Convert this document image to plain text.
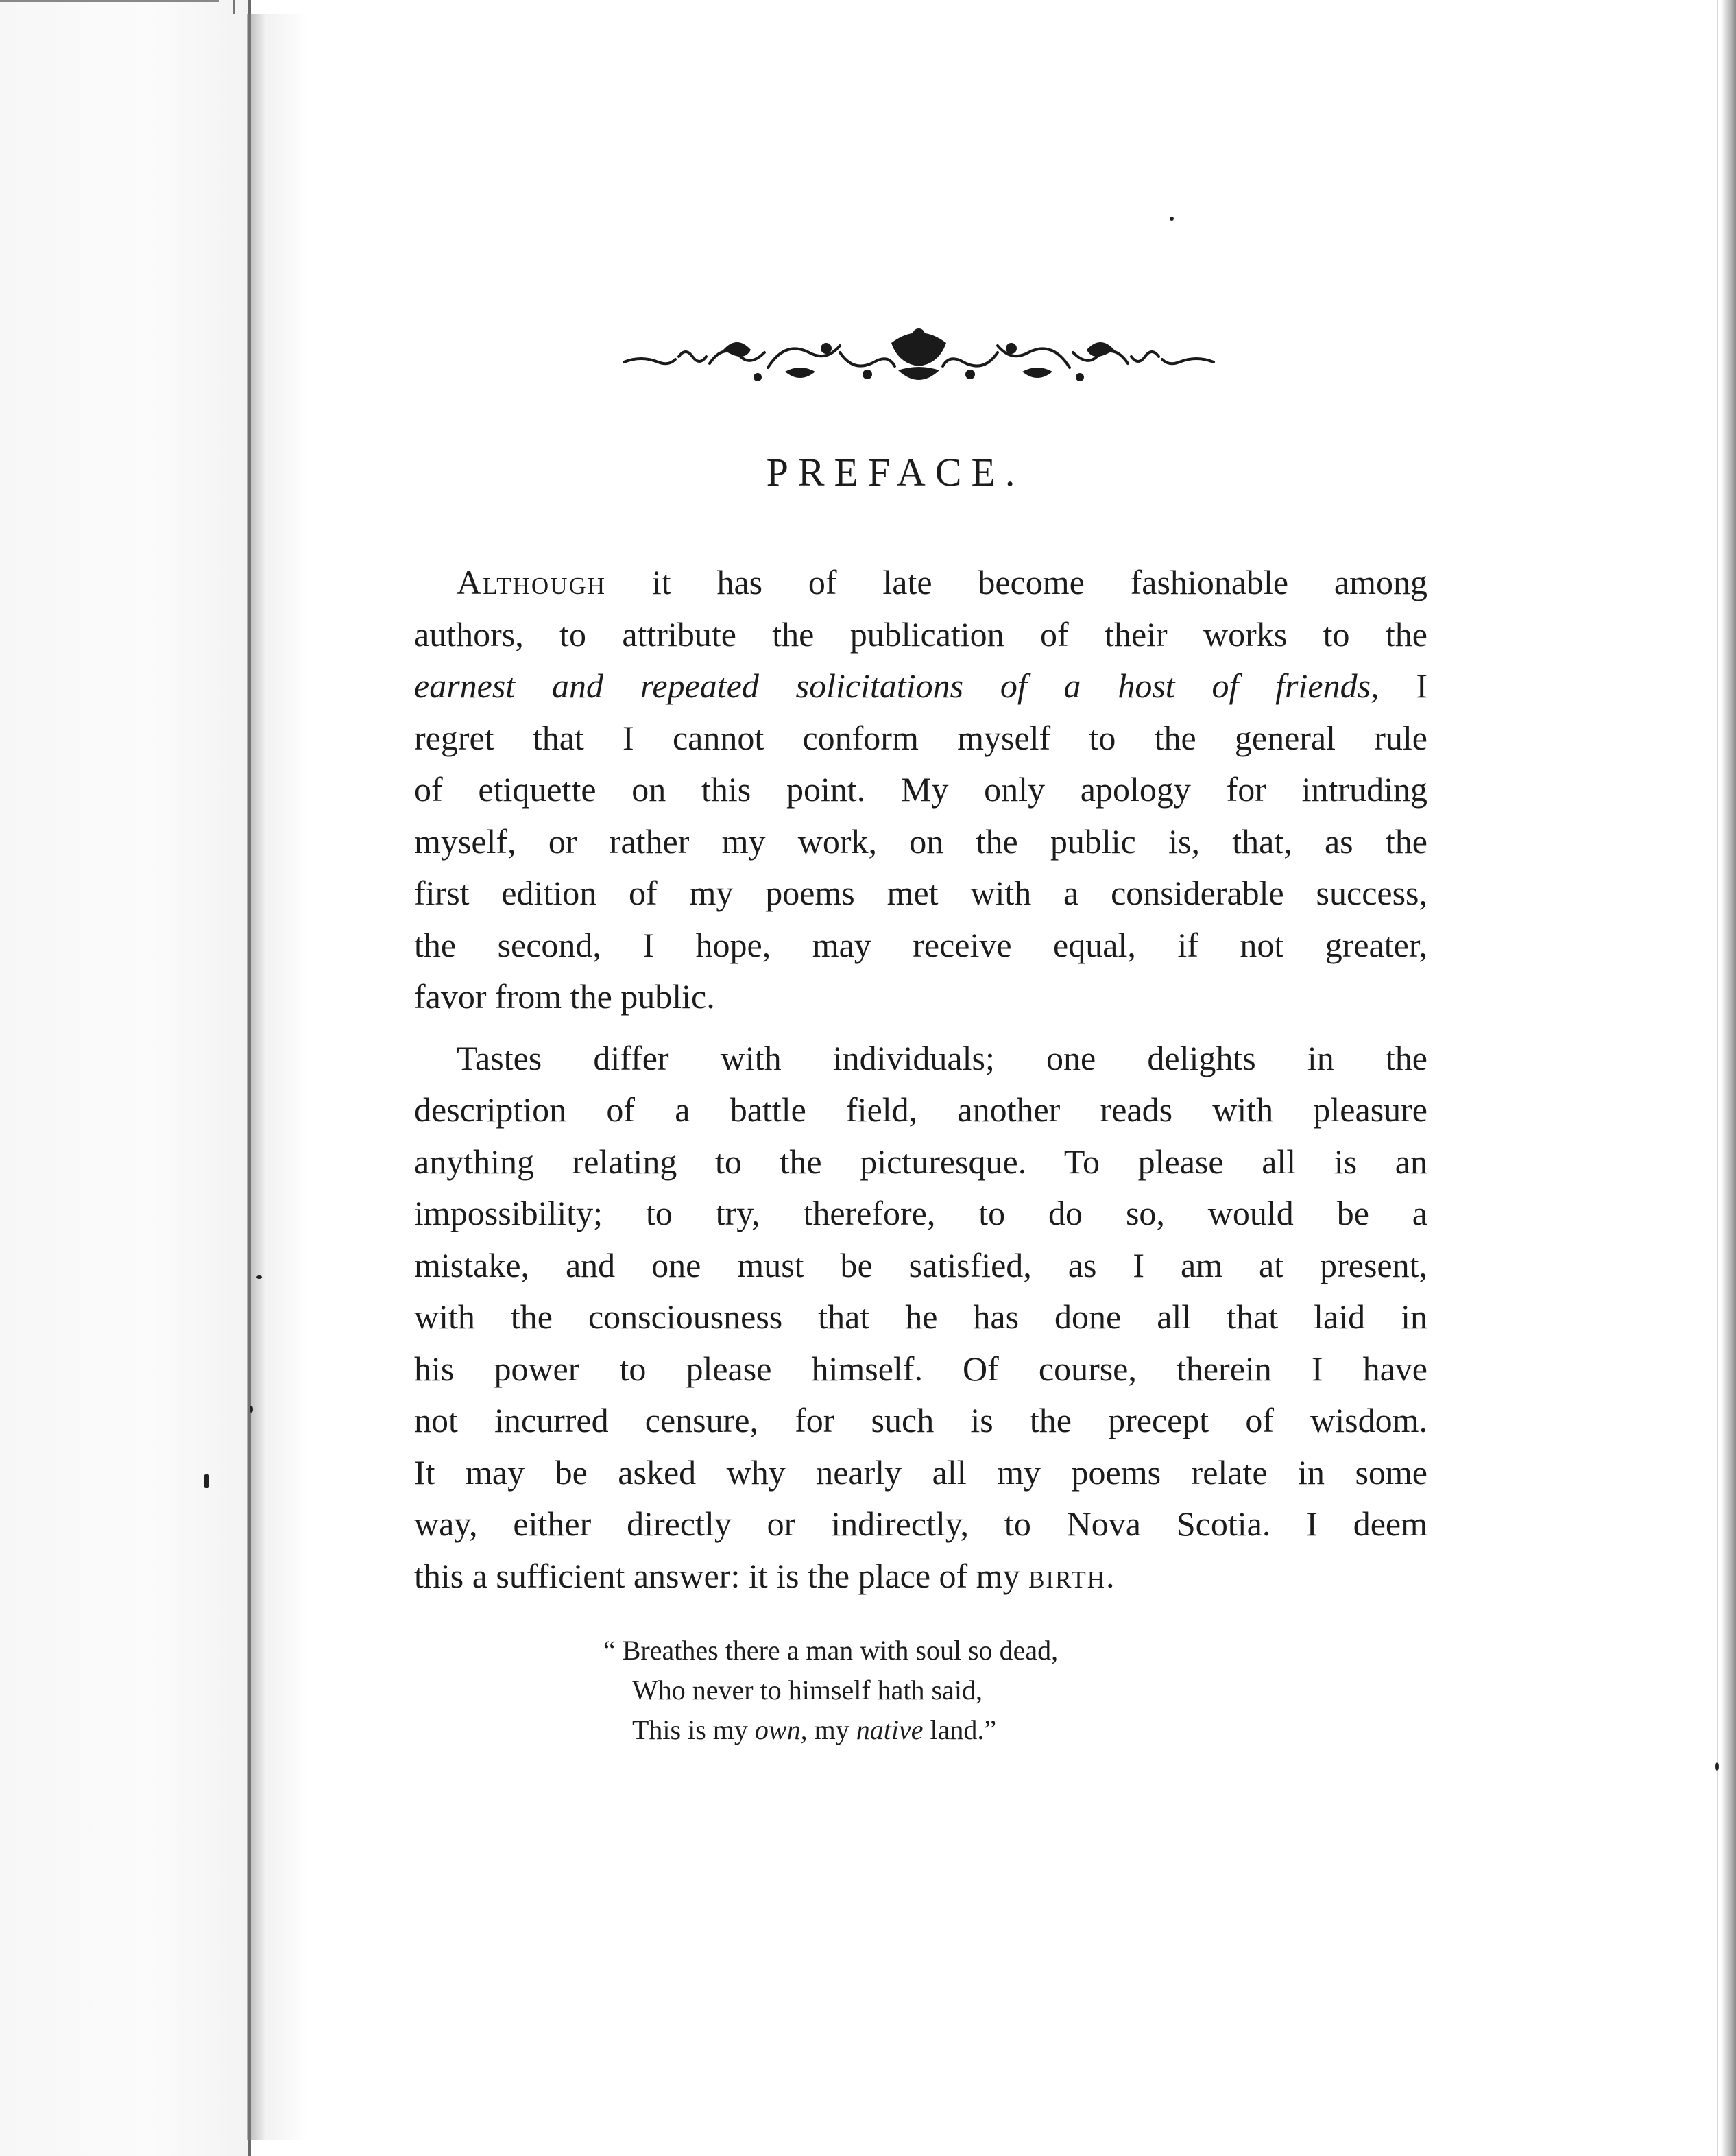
PREFACE.

Although it has of late become fashionable among
authors, to attribute the publication of their works to the
earnest and repeated solicitations of a host of friends, I
regret that I cannot conform myself to the general rule
of etiquette on this point. My only apology for intruding
myself, or rather my work, on the public is, that, as the
first edition of my poems met with a considerable success,
the second, I hope, may receive equal, if not greater,
favor from the public.

Tastes differ with individuals; one delights in the
description of a battle field, another reads with pleasure
anything relating to the picturesque. To please all is an
impossibility; to try, therefore, to do so, would be a
mistake, and one must be satisfied, as I am at present,
with the consciousness that he has done all that laid in
his power to please himself. Of course, therein I have
not incurred censure, for such is the precept of wisdom.
It may be asked why nearly all my poems relate in some
way, either directly or indirectly, to Nova Scotia. I deem
this a sufficient answer: it is the place of my birth.

“ Breathes there a man with soul so dead,
Who never to himself hath said,
This is my own, my native land.”
